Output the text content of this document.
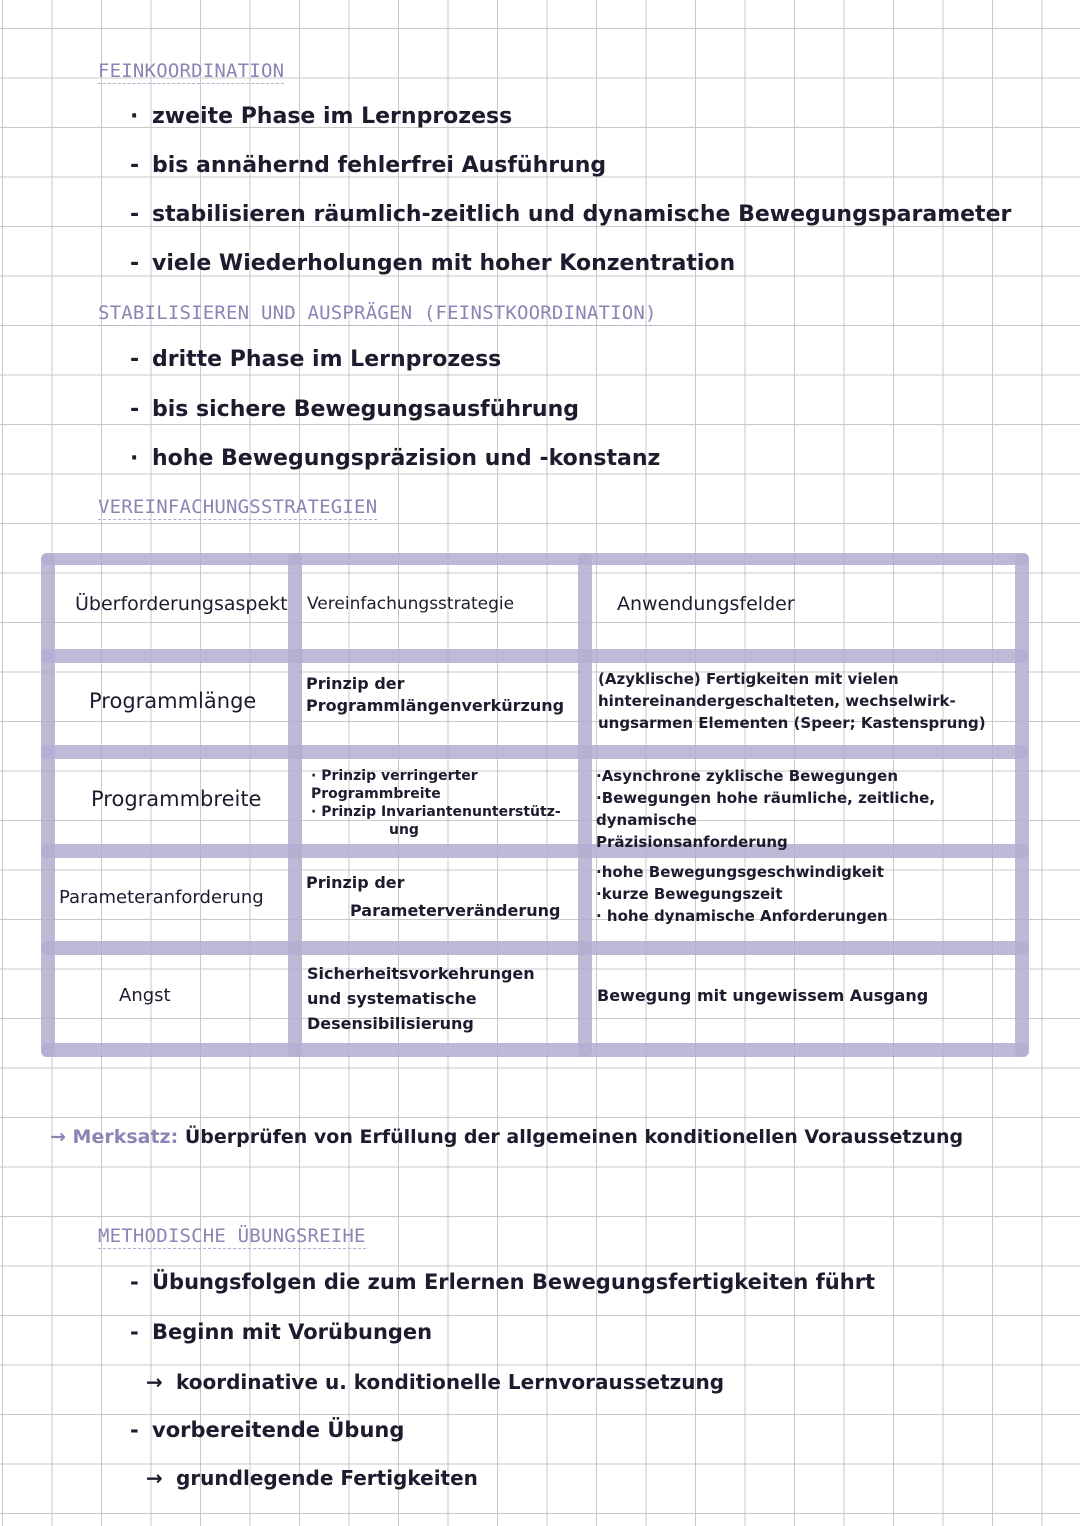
FEINKOORDINATION
· zweite Phase im Lernprozess
- bis annähernd fehlerfrei Ausführung
- stabilisieren räumlich-zeitlich und dynamische Bewegungsparameter
- viele Wiederholungen mit hoher Konzentration
STABILISIEREN UND AUSPRÄGEN (FEINSTKOORDINATION)
- dritte Phase im Lernprozess
- bis sichere Bewegungsausführung
· hohe Bewegungspräzision und -konstanz
VEREINFACHUNGSSTRATEGIEN
Überforderungsaspekt Vereinfachungsstrategie	Anwendungsfelder
Programmlänge
Prinzip der
Programmlängenverkürzung
(Azyklische) Fertigkeiten mit vielen
hintereinandergeschalteten, wechselwirk-
ungsarmen Elementen (Speer; Kastensprung)
Programmbreite
· Prinzip verringerter
Programmbreite
· Prinzip Invariantenunterstütz-
ung
·Asynchrone zyklische Bewegungen
·Bewegungen hohe räumliche, zeitliche, dynamische
Präzisionsanforderung
Parameteranforderung
Prinzip der
Parameterveränderung
·hohe Bewegungsgeschwindigkeit
·kurze Bewegungszeit
· hohe dynamische Anforderungen
Angst
Sicherheitsvorkehrungen
und systematische
Desensibilisierung
Bewegung mit ungewissem Ausgang
→ Merksatz: Überprüfen von Erfüllung der allgemeinen konditionellen Voraussetzung
METHODISCHE ÜBUNGSREIHE
- Übungsfolgen die zum Erlernen Bewegungsfertigkeiten führt
- Beginn mit Vorübungen
→ koordinative u. konditionelle Lernvoraussetzung
- vorbereitende Übung
→ grundlegende Fertigkeiten
